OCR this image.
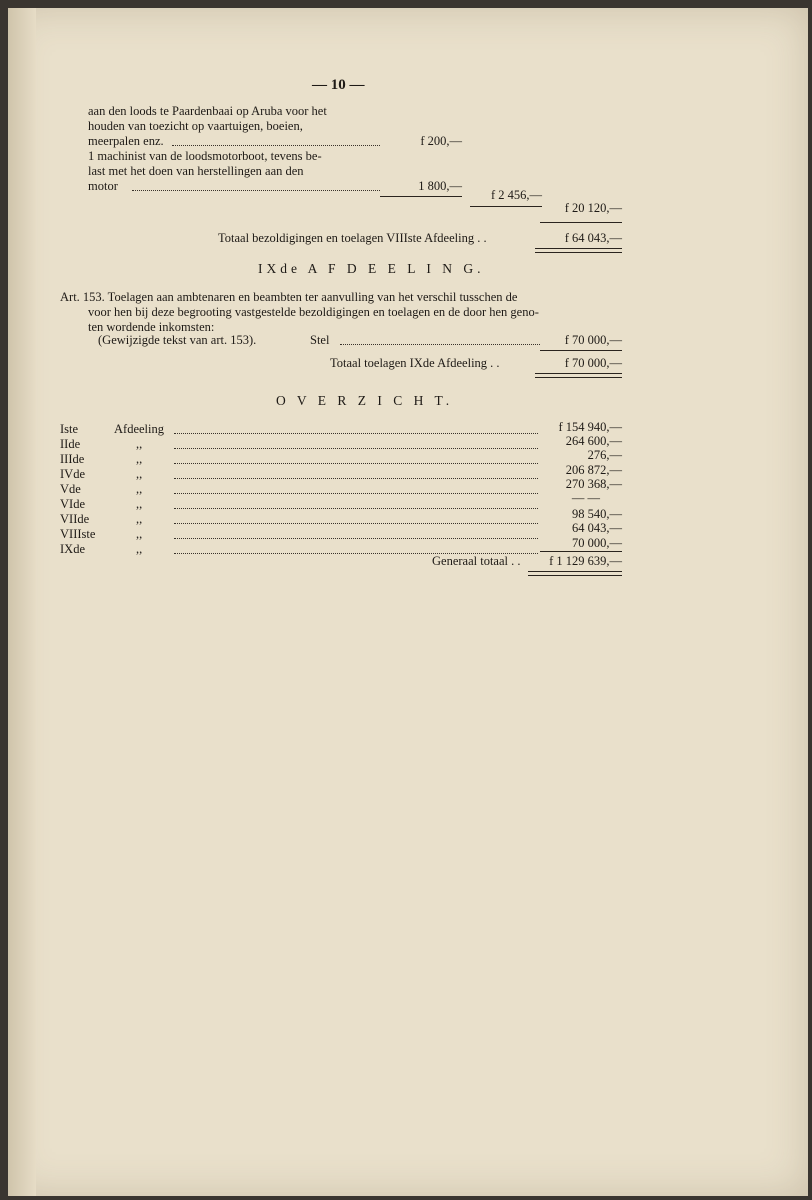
— 10 —
aan den loods te Paardenbaai op Aruba voor het
houden van toezicht op vaartuigen, boeien,
meerpalen enz.	f 200,—
1 machinist van de loodsmotorboot, tevens be-
last met het doen van herstellingen aan den
motor	1 800,—
f 2 456,—
f 20 120,—
Totaal bezoldigingen en toelagen VIIIste Afdeeling . .	f 64 043,—
IXde A F D E E L I N G.
Art. 153. Toelagen aan ambtenaren en beambten ter aanvulling van het verschil tusschen de
voor hen bij deze begrooting vastgestelde bezoldigingen en toelagen en de door hen geno-
ten wordende inkomsten:
(Gewijzigde tekst van art. 153).	Stel	f 70 000,—
Totaal toelagen IXde Afdeeling . .	f 70 000,—
O V E R Z I C H T.
Iste	Afdeeling	f 154 940,—
IIde	,,	264 600,—
IIIde	,,	276,—
IVde	,,	206 872,—
Vde	,,	270 368,—
VIde	,,	— —
VIIde	,,	98 540,—
VIIIste	,,	64 043,—
IXde	,,	70 000,—
Generaal totaal . .	f 1 129 639,—
